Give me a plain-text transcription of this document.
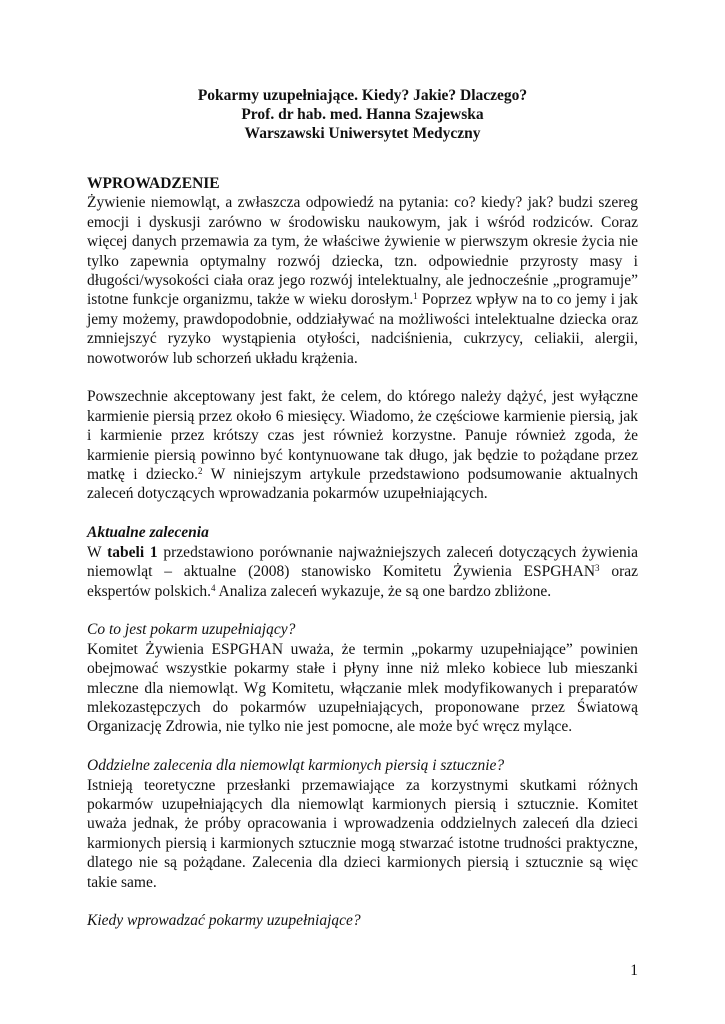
Pokarmy uzupełniające. Kiedy? Jakie? Dlaczego?
Prof. dr hab. med. Hanna Szajewska
Warszawski Uniwersytet Medyczny

WPROWADZENIE

Żywienie niemowląt, a zwłaszcza odpowiedź na pytania: co? kiedy? jak? budzi szereg emocji i dyskusji zarówno w środowisku naukowym, jak i wśród rodziców. Coraz więcej danych przemawia za tym, że właściwe żywienie w pierwszym okresie życia nie tylko zapewnia optymalny rozwój dziecka, tzn. odpowiednie przyrosty masy i długości/wysokości ciała oraz jego rozwój intelektualny, ale jednocześnie „programuje” istotne funkcje organizmu, także w wieku dorosłym.$^1$ Poprzez wpływ na to co jemy i jak jemy możemy, prawdopodobnie, oddziaływać na możliwości intelektualne dziecka oraz zmniejszyć ryzyko wystąpienia otyłości, nadciśnienia, cukrzycy, celiakii, alergii, nowotworów lub schorzeń układu krążenia.

Powszechnie akceptowany jest fakt, że celem, do którego należy dążyć, jest wyłączne karmienie piersią przez około 6 miesięcy. Wiadomo, że częściowe karmienie piersią, jak i karmienie przez krótszy czas jest również korzystne. Panuje również zgoda, że karmienie piersią powinno być kontynuowane tak długo, jak będzie to pożądane przez matkę i dziecko.$^2$ W niniejszym artykule przedstawiono podsumowanie aktualnych zaleceń dotyczących wprowadzania pokarmów uzupełniających.

Aktualne zalecenia

W tabeli 1 przedstawiono porównanie najważniejszych zaleceń dotyczących żywienia niemowląt – aktualne (2008) stanowisko Komitetu Żywienia ESPGHAN$^3$ oraz ekspertów polskich.$^4$ Analiza zaleceń wykazuje, że są one bardzo zbliżone.

Co to jest pokarm uzupełniający?

Komitet Żywienia ESPGHAN uważa, że termin „pokarmy uzupełniające” powinien obejmować wszystkie pokarmy stałe i płyny inne niż mleko kobiece lub mieszanki mleczne dla niemowląt. Wg Komitetu, włączanie mlek modyfikowanych i preparatów mlekozastępczych do pokarmów uzupełniających, proponowane przez Światową Organizację Zdrowia, nie tylko nie jest pomocne, ale może być wręcz mylące.

Oddzielne zalecenia dla niemowląt karmionych piersią i sztucznie?

Istnieją teoretyczne przesłanki przemawiające za korzystnymi skutkami różnych pokarmów uzupełniających dla niemowląt karmionych piersią i sztucznie. Komitet uważa jednak, że próby opracowania i wprowadzenia oddzielnych zaleceń dla dzieci karmionych piersią i karmionych sztucznie mogą stwarzać istotne trudności praktyczne, dlatego nie są pożądane. Zalecenia dla dzieci karmionych piersią i sztucznie są więc takie same.

Kiedy wprowadzać pokarmy uzupełniające?

1
